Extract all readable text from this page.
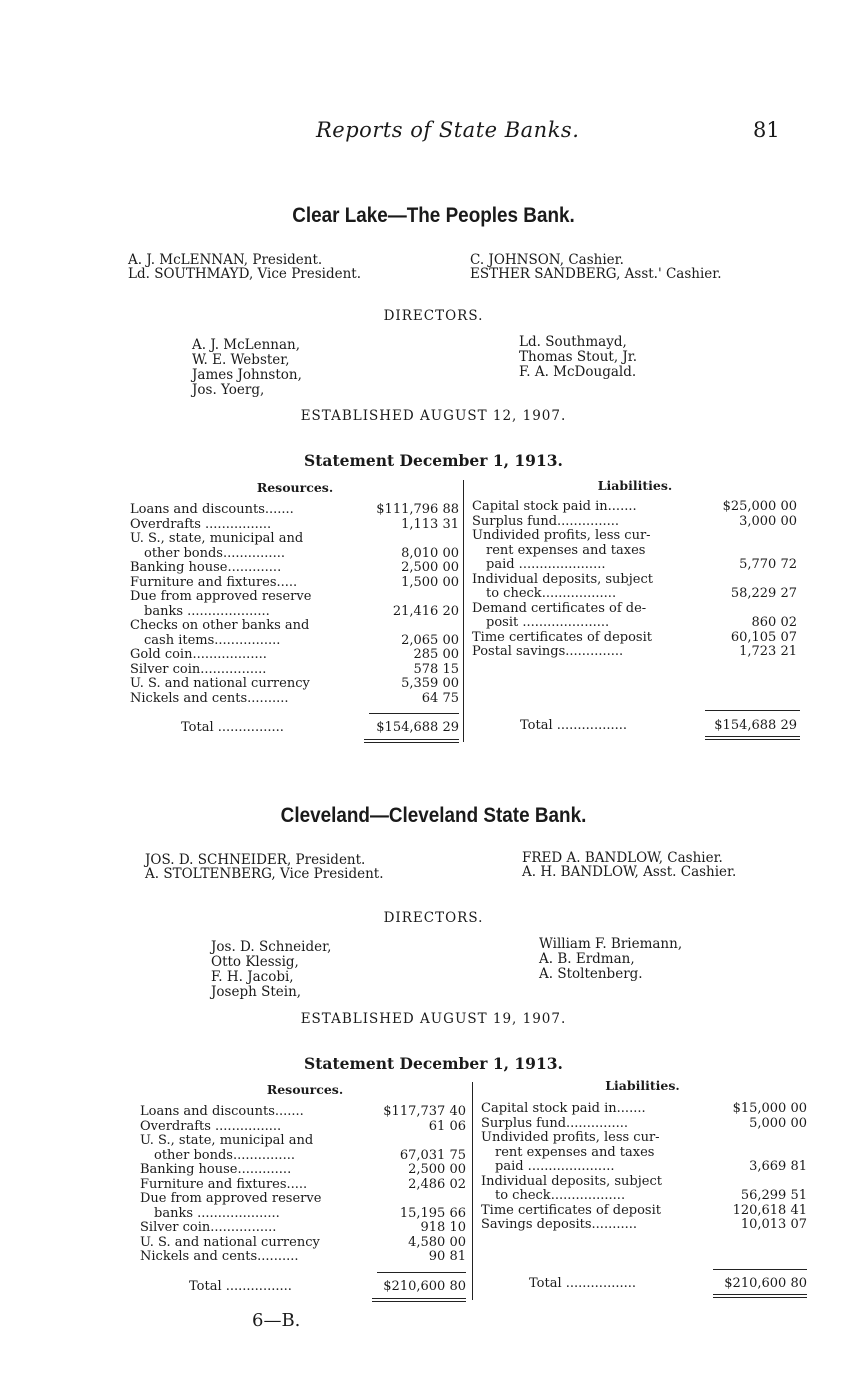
Reports of State Banks.	81
Clear Lake—The Peoples Bank.
A. J. McLENNAN, President.
Ld. SOUTHMAYD, Vice President.
C. JOHNSON, Cashier.
ESTHER SANDBERG, Asst.' Cashier.
DIRECTORS.
A. J. McLennan,
W. E. Webster,
James Johnston,
Jos. Yoerg,
Ld. Southmayd,
Thomas Stout, Jr.
F. A. McDougald.
ESTABLISHED AUGUST 12, 1907.
Statement December 1, 1913.
Resources.	Liabilities.
Loans and discounts.......	$111,796 88
Overdrafts ................	1,113 31
U. S., state, municipal and
other bonds...............	8,010 00
Banking house.............	2,500 00
Furniture and fixtures.....	1,500 00
Due from approved reserve
banks ....................	21,416 20
Checks on other banks and
cash items................	2,065 00
Gold coin..................	285 00
Silver coin................	578 15
U. S. and national currency	5,359 00
Nickels and cents..........	64 75
Capital stock paid in.......	$25,000 00
Surplus fund...............	3,000 00
Undivided profits, less cur-
rent expenses and taxes
paid .....................	5,770 72
Individual deposits, subject
to check..................	58,229 27
Demand certificates of de-
posit .....................	860 02
Time certificates of deposit	60,105 07
Postal savings..............	1,723 21
Total ................	$154,688 29	Total .................	$154,688 29
Cleveland—Cleveland State Bank.
JOS. D. SCHNEIDER, President.
A. STOLTENBERG, Vice President.
FRED A. BANDLOW, Cashier.
A. H. BANDLOW, Asst. Cashier.
DIRECTORS.
Jos. D. Schneider,
Otto Klessig,
F. H. Jacobi,
Joseph Stein,
William F. Briemann,
A. B. Erdman,
A. Stoltenberg.
ESTABLISHED AUGUST 19, 1907.
Statement December 1, 1913.
Resources.	Liabilities.
Loans and discounts.......	$117,737 40
Overdrafts ................	61 06
U. S., state, municipal and
other bonds...............	67,031 75
Banking house.............	2,500 00
Furniture and fixtures.....	2,486 02
Due from approved reserve
banks ....................	15,195 66
Silver coin................	918 10
U. S. and national currency	4,580 00
Nickels and cents..........	90 81
Capital stock paid in.......	$15,000 00
Surplus fund...............	5,000 00
Undivided profits, less cur-
rent expenses and taxes
paid .....................	3,669 81
Individual deposits, subject
to check..................	56,299 51
Time certificates of deposit	120,618 41
Savings deposits...........	10,013 07
Total ................	$210,600 80	Total .................	$210,600 80
6—B.
